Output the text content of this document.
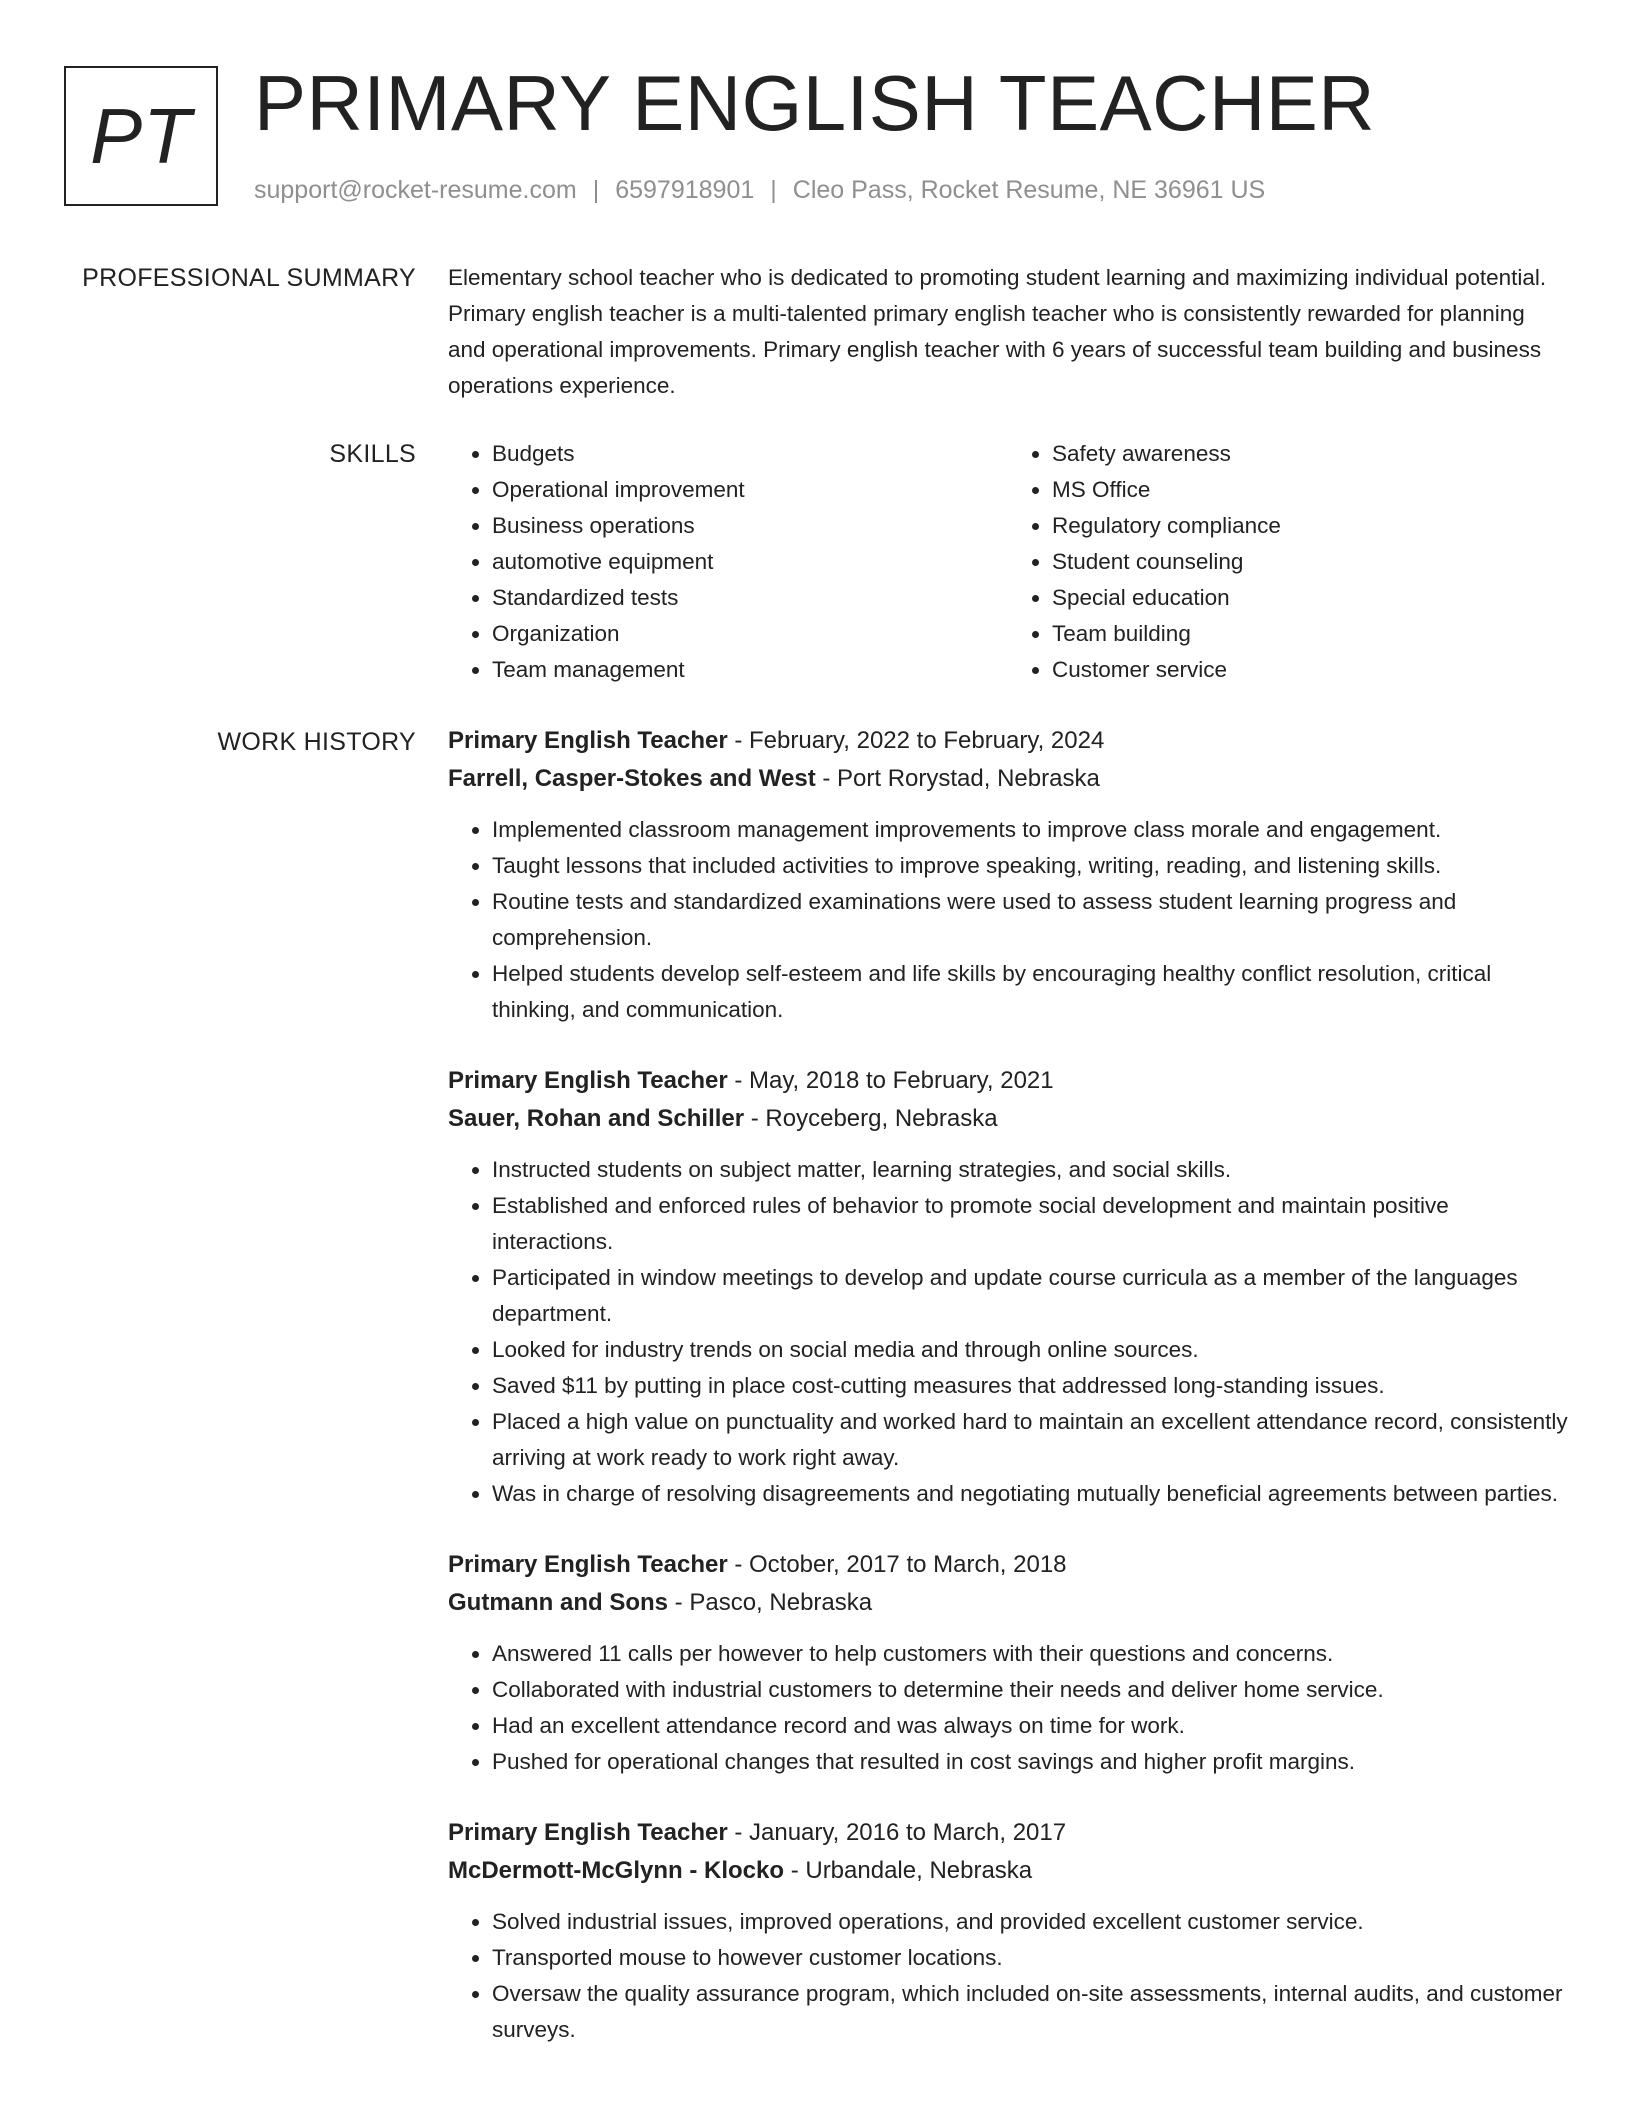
PT PRIMARY ENGLISH TEACHER
support@rocket-resume.com | 6597918901 | Cleo Pass, Rocket Resume, NE 36961 US
PROFESSIONAL SUMMARY Elementary school teacher who is dedicated to promoting student learning and maximizing individual potential. Primary english teacher is a multi-talented primary english teacher who is consistently rewarded for planning and operational improvements. Primary english teacher with 6 years of successful team building and business operations experience.

SKILLS
•	Budgets
• Operational improvement
• Business operations
• automotive equipment
• Standardized tests
• Organization
• Team management
• Safety awareness
• MS Office
• Regulatory compliance
• Student counseling
• Special education
• Team building
• Customer service
WORK HISTORY Primary English Teacher - February, 2022 to February, 2024
Farrell, Casper-Stokes and West - Port Rorystad, Nebraska
• Implemented classroom management improvements to improve class morale and engagement.
• Taught lessons that included activities to improve speaking, writing, reading, and listening skills.
• Routine tests and standardized examinations were used to assess student learning progress and comprehension.
• Helped students develop self-esteem and life skills by encouraging healthy conflict resolution, critical thinking, and communication.
Primary English Teacher - May, 2018 to February, 2021
Sauer, Rohan and Schiller - Royceberg, Nebraska
• Instructed students on subject matter, learning strategies, and social skills.
• Established and enforced rules of behavior to promote social development and maintain positive interactions.
• Participated in window meetings to develop and update course curricula as a member of the languages department.
• Looked for industry trends on social media and through online sources.
• Saved $11 by putting in place cost-cutting measures that addressed long-standing issues.
• Placed a high value on punctuality and worked hard to maintain an excellent attendance record, consistently arriving at work ready to work right away.
• Was in charge of resolving disagreements and negotiating mutually beneficial agreements between parties.
Primary English Teacher - October, 2017 to March, 2018
Gutmann and Sons - Pasco, Nebraska
• Answered 11 calls per however to help customers with their questions and concerns.
• Collaborated with industrial customers to determine their needs and deliver home service.
• Had an excellent attendance record and was always on time for work.
• Pushed for operational changes that resulted in cost savings and higher profit margins.
Primary English Teacher - January, 2016 to March, 2017
McDermott-McGlynn - Klocko - Urbandale, Nebraska
• Solved industrial issues, improved operations, and provided excellent customer service.
• Transported mouse to however customer locations.
• Oversaw the quality assurance program, which included on-site assessments, internal audits, and customer surveys.
